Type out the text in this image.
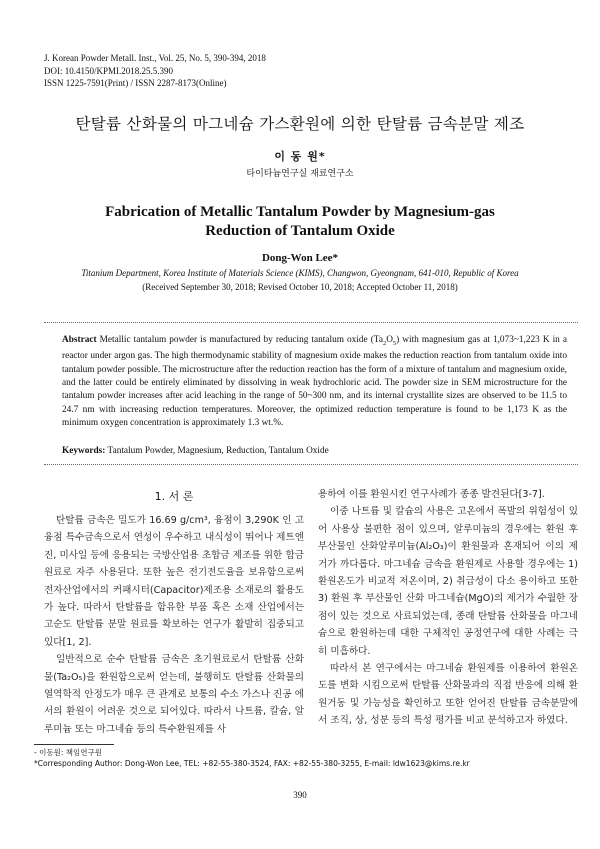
J. Korean Powder Metall. Inst., Vol. 25, No. 5, 390-394, 2018
DOI: 10.4150/KPMI.2018.25.5.390
ISSN 1225-7591(Print) / ISSN 2287-8173(Online)
탄탈륨 산화물의 마그네슘 가스환원에 의한 탄탈륨 금속분말 제조
이 동 원*
타이타늄연구실 재료연구소
Fabrication of Metallic Tantalum Powder by Magnesium-gas
Reduction of Tantalum Oxide
Dong-Won Lee*
Titanium Department, Korea Institute of Materials Science (KIMS), Changwon, Gyeongnam, 641-010, Republic of Korea
(Received September 30, 2018; Revised October 10, 2018; Accepted October 11, 2018)
Abstract Metallic tantalum powder is manufactured by reducing tantalum oxide $(Ta_2O_5)$ with magnesium gas at 1,073~1,223 K in a reactor under argon gas. The high thermodynamic stability of magnesium oxide makes the reduction reaction from tantalum oxide into tantalum powder possible. The microstructure after the reduction reaction has the form of a mixture of tantalum and magnesium oxide, and the latter could be entirely eliminated by dissolving in weak hydrochloric acid. The powder size in SEM microstructure for the tantalum powder increases after acid leaching in the range of 50~300 nm, and its internal crystallite sizes are observed to be 11.5 to 24.7 nm with increasing reduction temperatures. Moreover, the optimized reduction temperature is found to be 1,173 K as the minimum oxygen concentration is approximately 1.3 wt.%.
Keywords: Tantalum Powder, Magnesium, Reduction, Tantalum Oxide
1. 서 론

탄탈륨 금속은 밀도가 16.69 g/cm³, 융점이 3,290K 인 고융점 특수금속으로서 연성이 우수하고 내식성이 뛰어나 제트엔진, 미사일 등에 응용되는 국방산업용 초합금 제조를 위한 합금원료로 자주 사용된다. 또한 높은 전기전도율을 보유함으로써 전자산업에서의 커패시터(Capacitor)제조용 소재로의 활용도가 높다. 따라서 탄탈륨을 함유한 부품 혹은 소재 산업에서는 고순도 탄탈륨 분말 원료를 확보하는 연구가 활발히 집중되고 있다[1, 2].

일반적으로 순수 탄탈륨 금속은 초기원료로서 탄탈륨 산화물(Ta₂O₅)을 환원함으로써 얻는데, 불행히도 탄탈륨 산화물의 열역학적 안정도가 매우 큰 관계로 보통의 수소 가스나 진공 에서의 환원이 어려운 것으로 되어있다. 따라서 나트륨, 칼슘, 알루미늄 또는 마그네슘 등의 특수환원제를 사

용하여 이를 환원시킨 연구사례가 종종 발견된다[3-7].

이중 나트륨 및 칼슘의 사용은 고온에서 폭발의 위험성이 있어 사용상 불편한 점이 있으며, 알루미늄의 경우에는 환원 후 부산물인 산화알루미늄(Al₂O₃)이 환원물과 혼재되어 이의 제거가 까다롭다. 마그네슘 금속을 환원제로 사용할 경우에는 1) 환원온도가 비교적 저온이며, 2) 취급성이 다소 용이하고 또한 3) 환원 후 부산물인 산화 마그네슘(MgO)의 제거가 수월한 장점이 있는 것으로 사료되었는데, 종래 탄탈륨 산화물을 마그네슘으로 환원하는데 대한 구체적인 공정연구에 대한 사례는 극히 미흡하다.

따라서 본 연구에서는 마그네슘 환원제를 이용하여 환원온도를 변화 시킴으로써 탄탈륨 산화물과의 직접 반응에 의해 환원거동 및 가능성을 확인하고 또한 얻어진 탄탈륨 금속분말에서 조직, 상, 성분 등의 특성 평가를 비교 분석하고자 하였다.

- 이동원: 책임연구원
*Corresponding Author: Dong-Won Lee, TEL: +82-55-380-3524, FAX: +82-55-380-3255, E-mail: ldw1623@kims.re.kr
390
